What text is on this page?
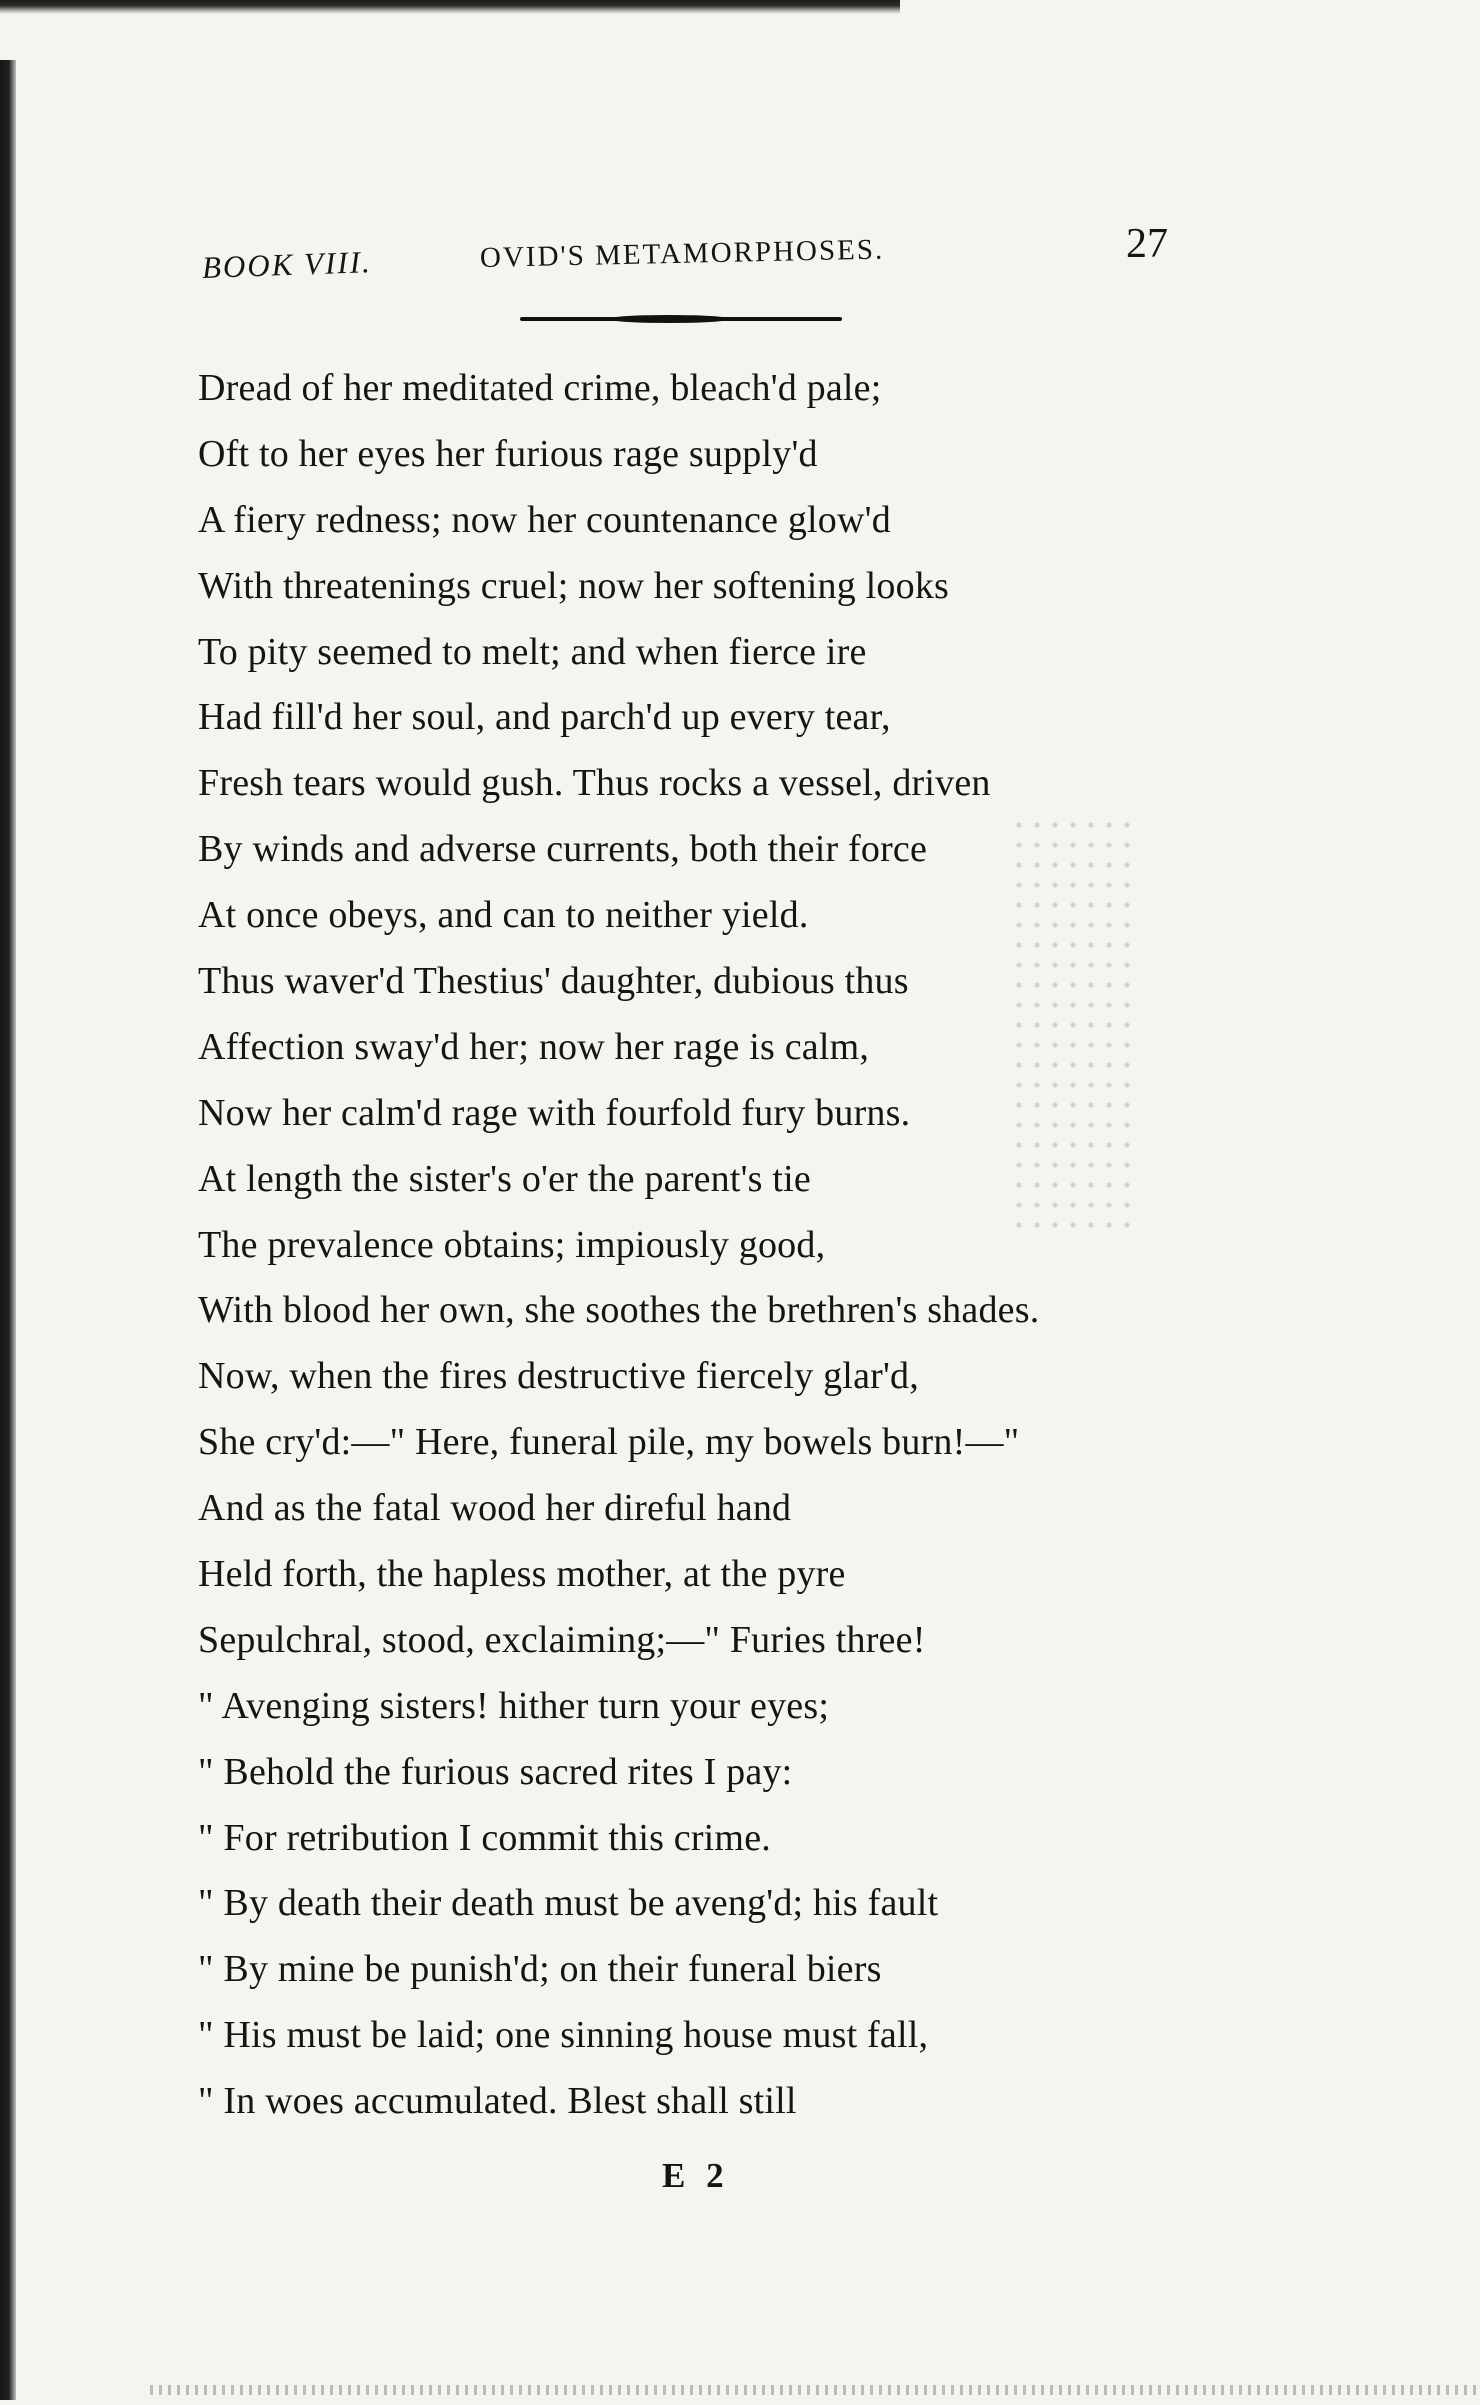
BOOK VIII.	OVID'S METAMORPHOSES.	27
Dread of her meditated crime, bleach'd pale;
Oft to her eyes her furious rage supply'd
A fiery redness; now her countenance glow'd
With threatenings cruel; now her softening looks
To pity seemed to melt; and when fierce ire
Had fill'd her soul, and parch'd up every tear,
Fresh tears would gush. Thus rocks a vessel, driven
By winds and adverse currents, both their force
At once obeys, and can to neither yield.
Thus waver'd Thestius' daughter, dubious thus
Affection sway'd her; now her rage is calm,
Now her calm'd rage with fourfold fury burns.
At length the sister's o'er the parent's tie
The prevalence obtains; impiously good,
With blood her own, she soothes the brethren's shades.
Now, when the fires destructive fiercely glar'd,
She cry'd:—" Here, funeral pile, my bowels burn!—"
And as the fatal wood her direful hand
Held forth, the hapless mother, at the pyre
Sepulchral, stood, exclaiming;—" Furies three!
" Avenging sisters! hither turn your eyes;
" Behold the furious sacred rites I pay:
" For retribution I commit this crime.
" By death their death must be aveng'd; his fault
" By mine be punish'd; on their funeral biers
" His must be laid; one sinning house must fall,
" In woes accumulated. Blest shall still
E 2
